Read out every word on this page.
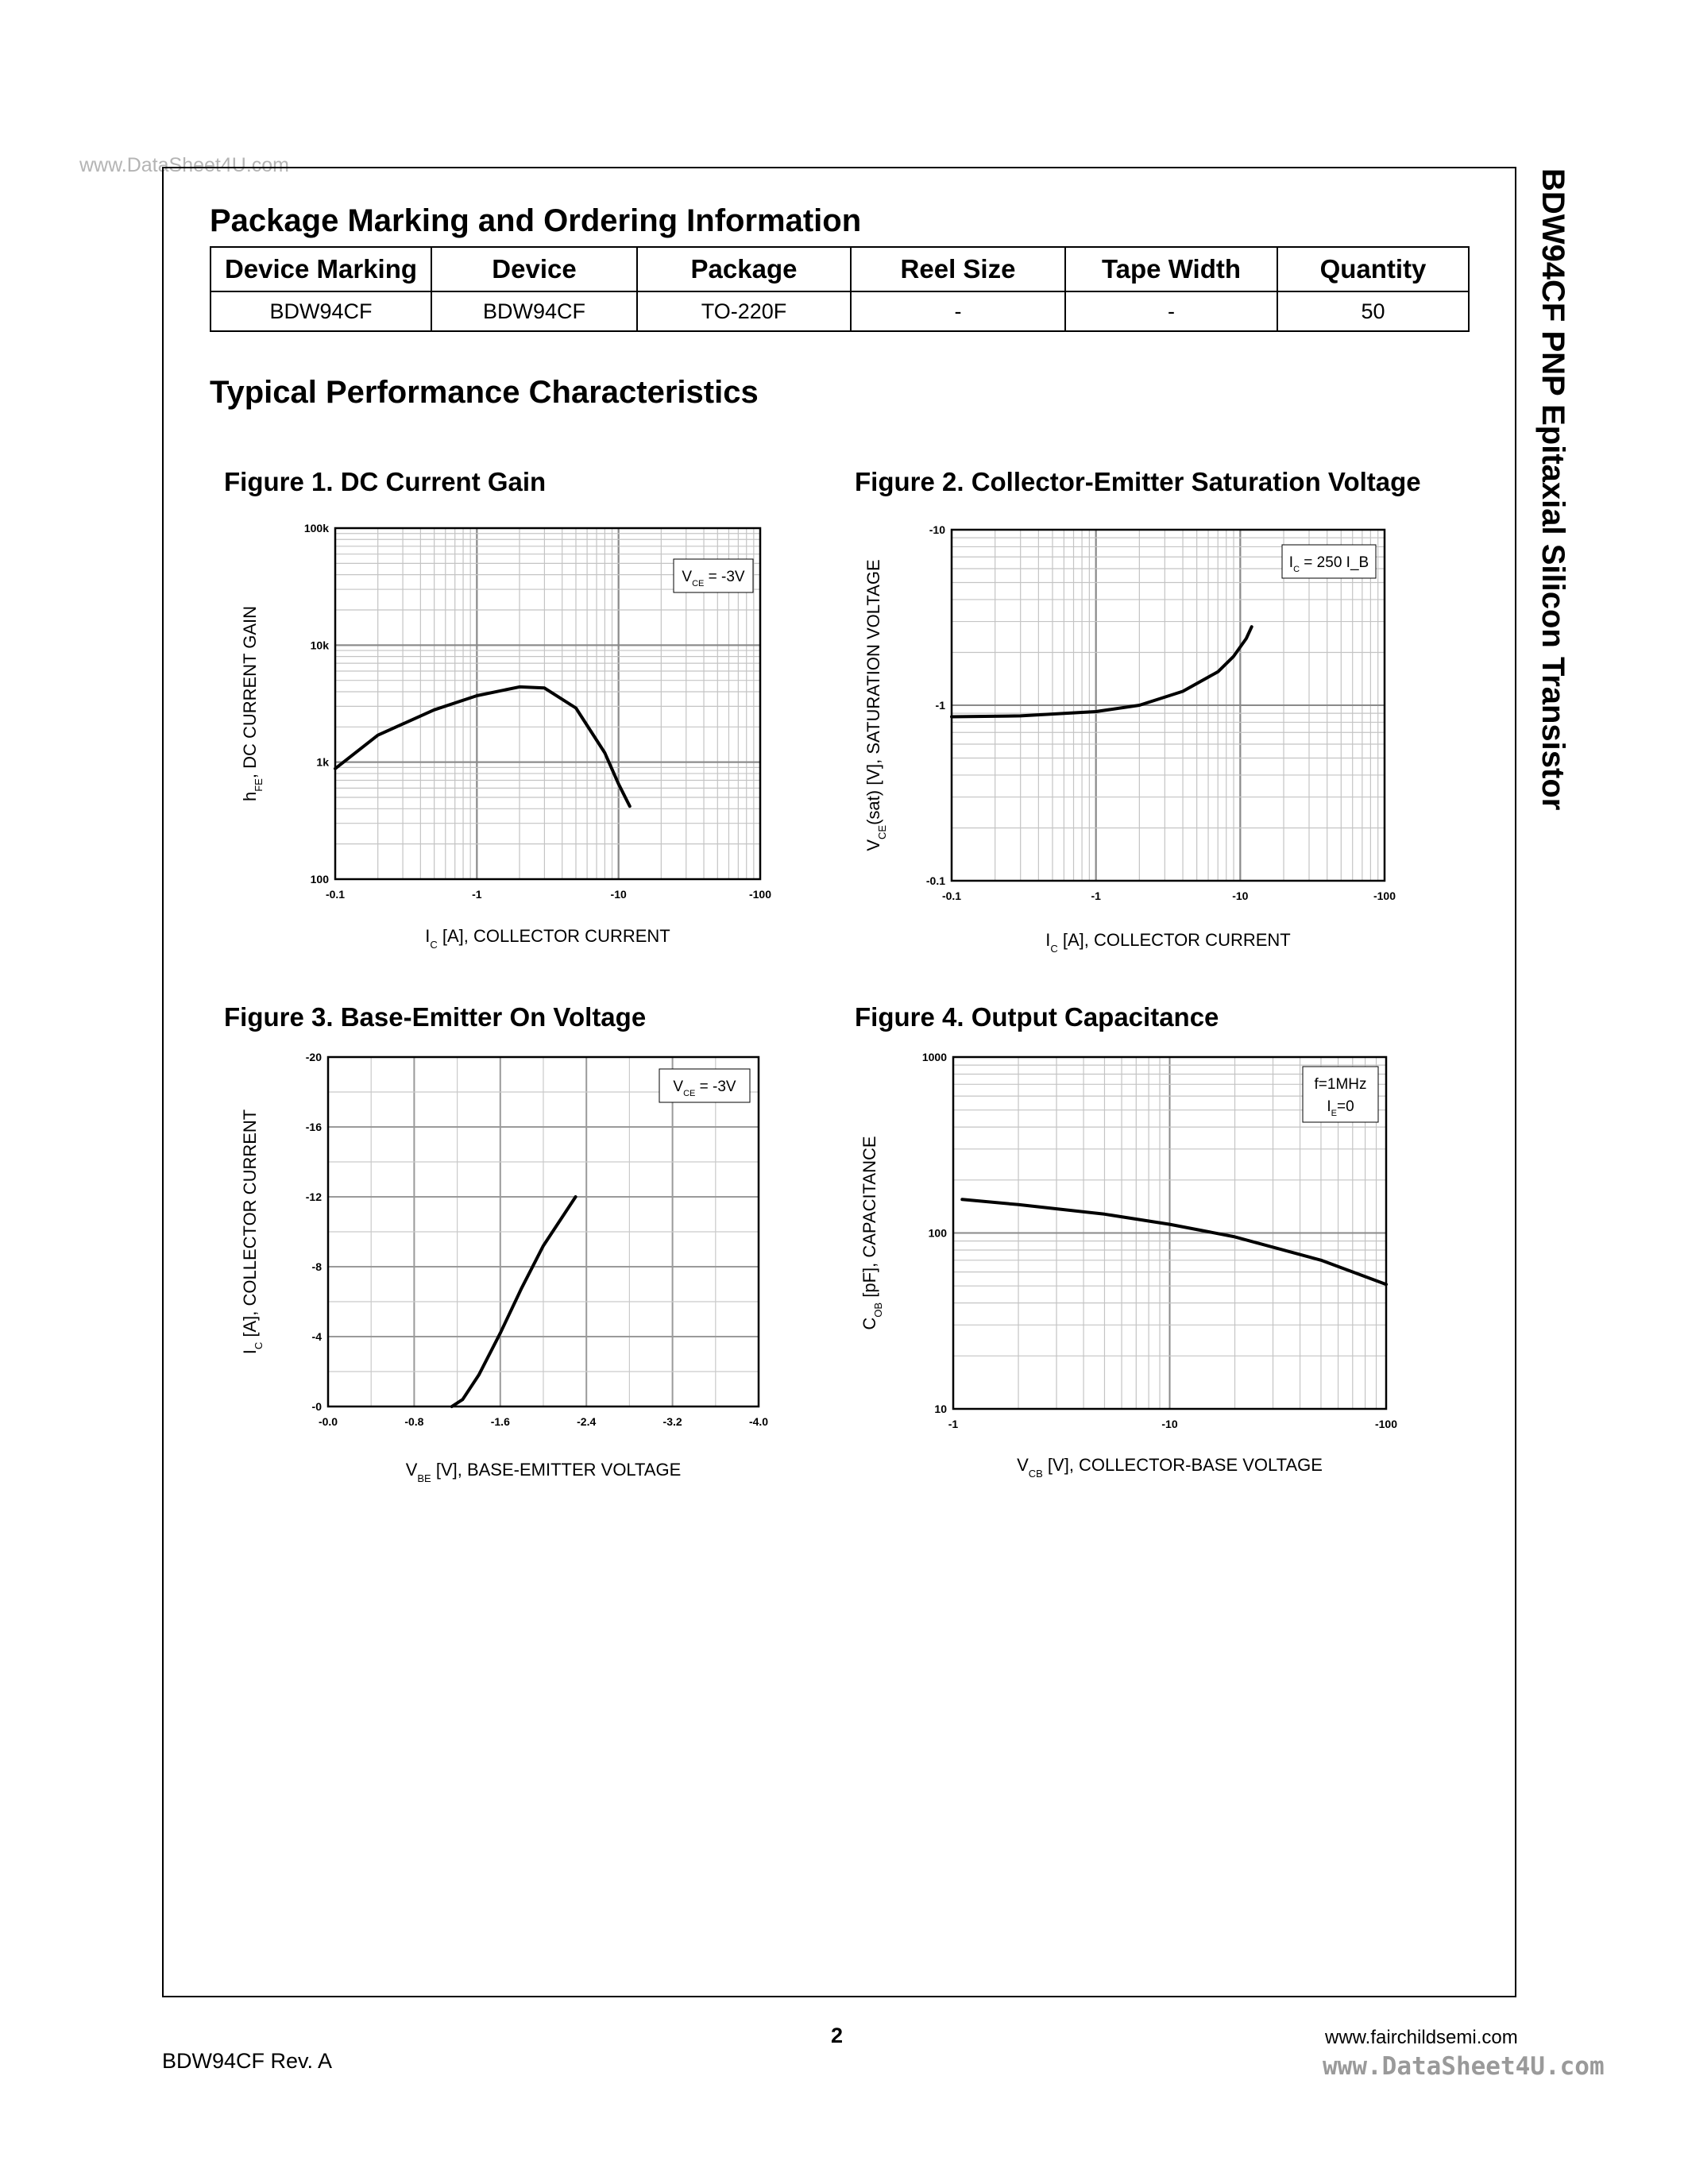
www.DataSheet4U.com
BDW94CF PNP Epitaxial Silicon Transistor
Package Marking and Ordering Information
Device Marking	Device	Package	Reel Size	Tape Width	Quantity
BDW94CF	BDW94CF	TO-220F	-	-	50
Typical Performance Characteristics
Figure 1. DC Current Gain	Figure 2. Collector-Emitter Saturation Voltage
Figure 3. Base-Emitter On Voltage	Figure 4. Output Capacitance
-0.1	-1	-10	-100
100
1k
10k
100k
$I_C$ [A], COLLECTOR CURRENT
$h_{FE}$, DC CURRENT GAIN
$V_{CE} = -3V$
-0.1	-1	-10	-100
-0.1
-1
-10
$I_C$ [A], COLLECTOR CURRENT
$V_{CE}(sat)$ [V], SATURATION VOLTAGE	$I_C = 250$ I_B
-0.0	-0.8	-1.6	-2.4	-3.2	-4.0
-0
-4
-8
-12
-16
-20
$V_{BE}$ [V], BASE-EMITTER VOLTAGE
$I_C$ [A], COLLECTOR CURRENT
$V_{CE} = -3V$
-1	-10	-100
10
100
1000
$V_{CB}$ [V], COLLECTOR-BASE VOLTAGE
$C_{OB}$ [pF], CAPACITANCE
f=1MHz
$I_E=0$
2
BDW94CF Rev. A
www.fairchildsemi.com
www.DataSheet4U.com
